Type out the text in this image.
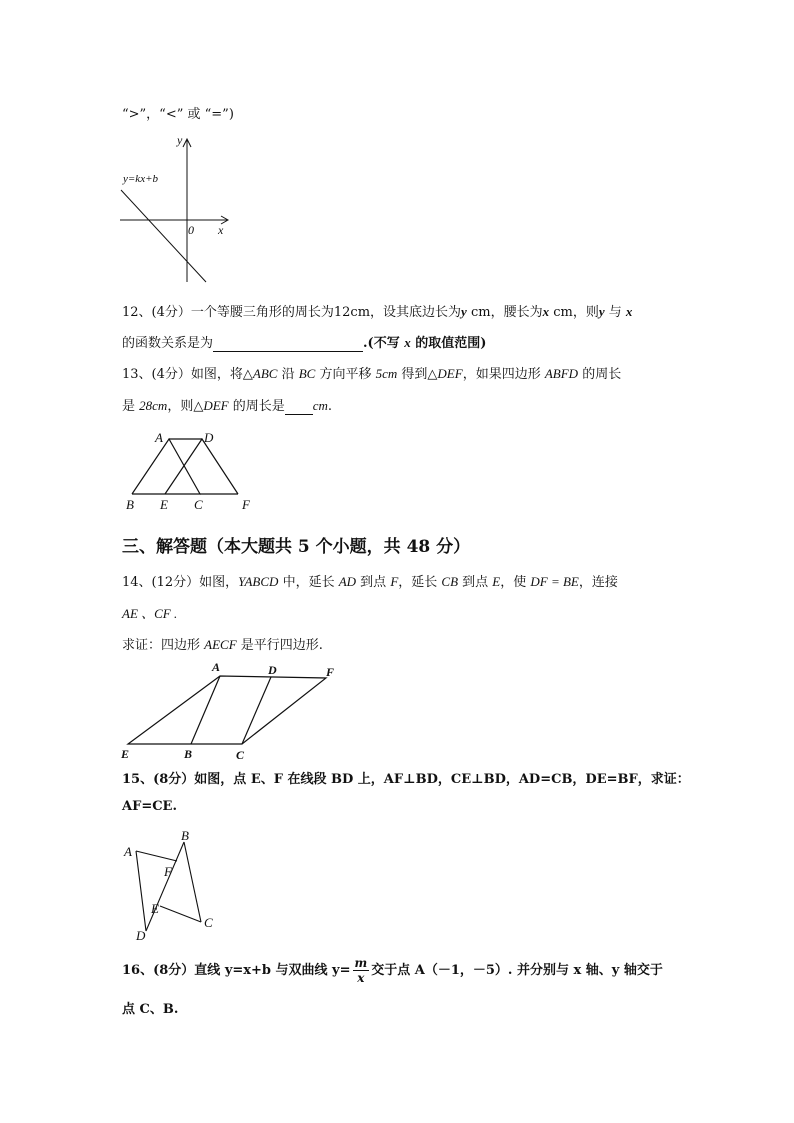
“>”，“<” 或 “=”)
y
x
0
y=kx+b
12、(4分）一个等腰三角形的周长为12cm，设其底边长为y cm，腰长为x cm，则y 与 x
的函数关系是为	.(不写 x 的取值范围)
13、(4分）如图，将△ABC 沿 BC 方向平移 5cm 得到△DEF，如果四边形 ABFD 的周长
是 28cm，则△DEF 的周长是 cm.
A	D
B E C	F
三、解答题（本大题共 5 个小题，共 48 分）
14、(12分）如图，YABCD 中，延长 AD 到点 F，延长 CB 到点 E，使 DF = BE，连接
AE 、CF .
求证：四边形 AECF 是平行四边形.
A	D	F
E	B	C
15、(8分）如图，点 E、F 在线段 BD 上，AF⊥BD，CE⊥BD，AD=CB，DE=BF，求证：
AF=CE.
A
B
F
E
C
D
16、(8分）直线 y=x+b 与双曲线 $y= \frac{m}{x}$ 交于点 A（－1，－5）. 并分别与 x 轴、y 轴交于
点 C、B.
